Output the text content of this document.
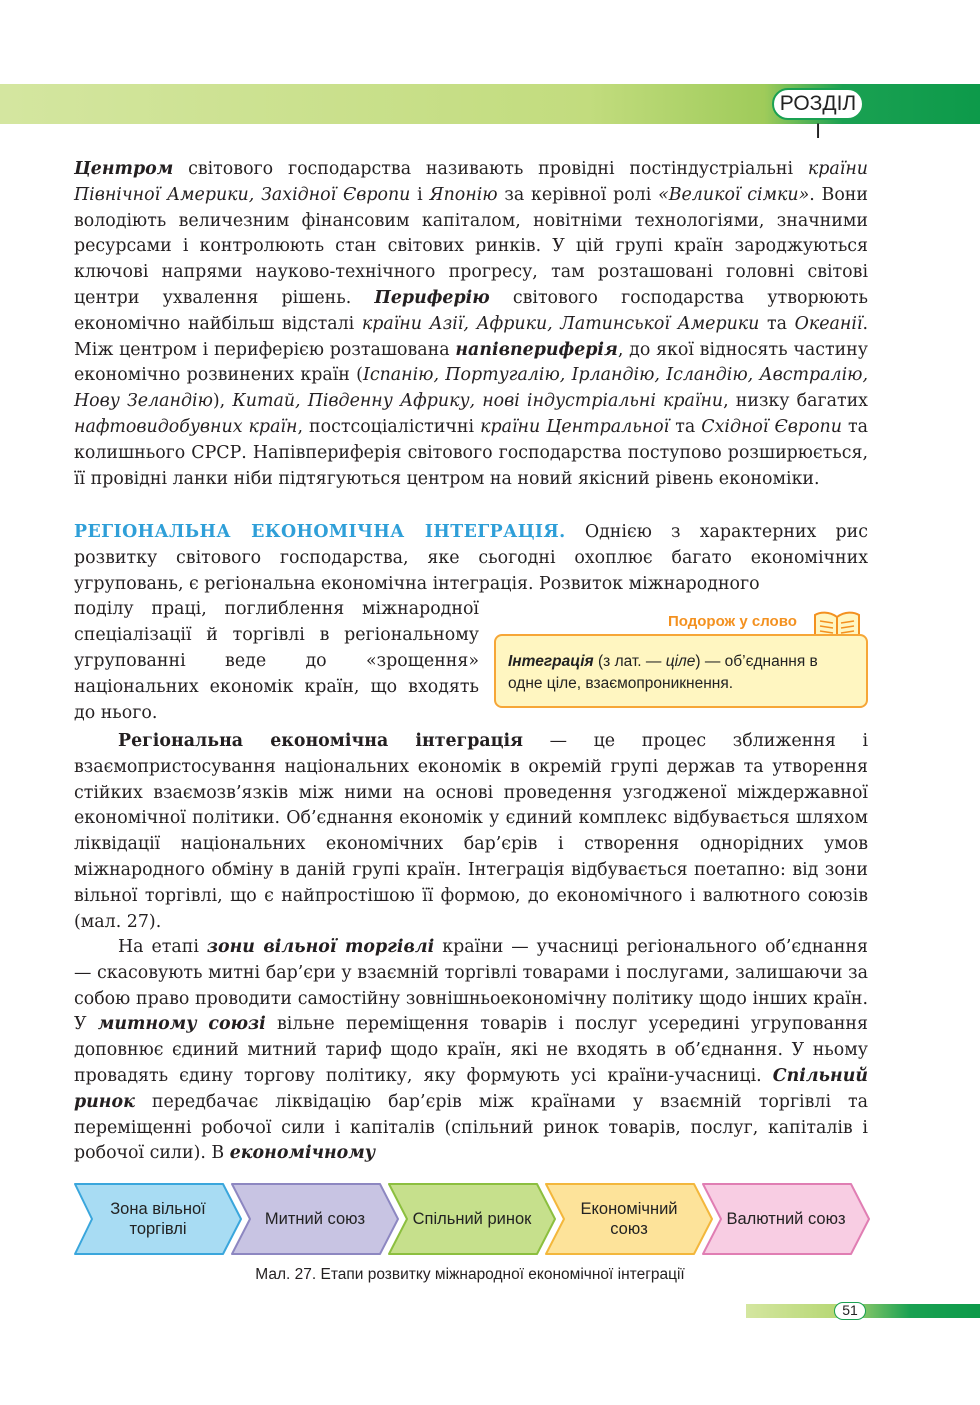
РОЗДІЛ І

Центром світового господарства називають провідні постіндустріальні країни Північної Америки, Західної Європи і Японію за керівної ролі «Великої сімки». Вони володіють величезним фінансовим капіталом, новітніми технологіями, значними ресурсами і контролюють стан світових ринків. У цій групі країн зароджуються ключові напрями науково-технічного прогресу, там розташовані головні світові центри ухвалення рішень. Периферію світового господарства утворюють економічно найбільш відсталі країни Азії, Африки, Латинської Америки та Океанії. Між центром і периферією розташована напівпериферія, до якої відносять частину економічно розвинених країн (Іспанію, Португалію, Ірландію, Ісландію, Австралію, Нову Зеландію), Китай, Південну Африку, нові індустріальні країни, низку багатих нафтовидобувних країн, постсоціалістичні країни Центральної та Східної Європи та колишнього СРСР. Напівпериферія світового господарства поступово розширюється, її провідні ланки ніби підтягуються центром на новий якісний рівень економіки.

РЕГІОНАЛЬНА ЕКОНОМІЧНА ІНТЕГРАЦІЯ. Однією з характерних рис розвитку світового господарства, яке сьогодні охоплює багато економічних угруповань, є регіональна економічна інтеграція. Розвиток міжнародного

поділу праці, поглиблення міжнародної спеціалізації й торгівлі в регіональному угрупованні веде до «зрощення» національних економік країн, що входять до нього.

Подорож у слово
Інтеграція (з лат. — ціле) — об’єднання в одне ціле, взаємопроникнення.

Регіональна економічна інтеграція — це процес зближення і взаємопристосування національних економік в окремій групі держав та утворення стійких взаємозв’язків між ними на основі проведення узгодженої міждержавної економічної політики. Об’єднання економік у єдиний комплекс відбувається шляхом ліквідації національних економічних бар’єрів і створення однорідних умов міжнародного обміну в даній групі країн. Інтеграція відбувається поетапно: від зони вільної торгівлі, що є найпростішою її формою, до економічного і валютного союзів (мал. 27).

На етапі зони вільної торгівлі країни — учасниці регіонального об’єднання — скасовують митні бар’єри у взаємній торгівлі товарами і послугами, залишаючи за собою право проводити самостійну зовнішньоекономічну політику щодо інших країн. У митному союзі вільне переміщення товарів і послуг усередині угруповання доповнює єдиний митний тариф щодо країн, які не входять в об’єднання. У ньому провадять єдину торгову політику, яку формують усі країни-учасниці. Спільний ринок передбачає ліквідацію бар’єрів між країнами у взаємній торгівлі та переміщенні робочої сили і капіталів (спільний ринок товарів, послуг, капіталів і робочої сили). В економічному

Зона вільної торгівлі
Митний союз	Спільний ринок
Економічний союз
Валютний союз
Мал. 27. Етапи розвитку міжнародної економічної інтеграції
51
